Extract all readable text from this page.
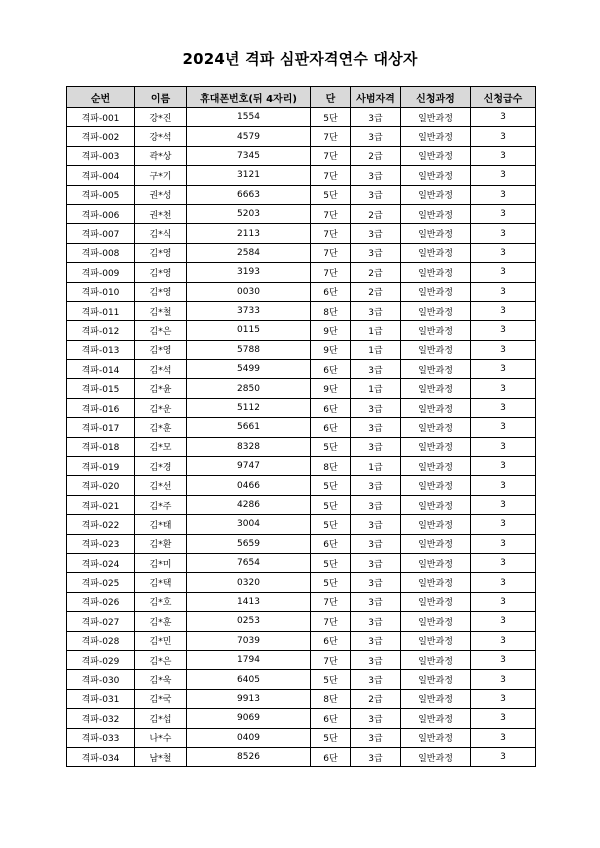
2024년 격파 심판자격연수 대상자
순번	이름	휴대폰번호(뒤 4자리)	단	사범자격	신청과정	신청급수
격파-001	강*진	1554	5단	3급	일반과정	3
격파-002	강*석	4579	7단	3급	일반과정	3
격파-003	곽*상	7345	7단	2급	일반과정	3
격파-004	구*기	3121	7단	3급	일반과정	3
격파-005	권*성	6663	5단	3급	일반과정	3
격파-006	권*천	5203	7단	2급	일반과정	3
격파-007	김*식	2113	7단	3급	일반과정	3
격파-008	김*영	2584	7단	3급	일반과정	3
격파-009	김*영	3193	7단	2급	일반과정	3
격파-010	김*영	0030	6단	2급	일반과정	3
격파-011	김*철	3733	8단	3급	일반과정	3
격파-012	김*은	0115	9단	1급	일반과정	3
격파-013	김*영	5788	9단	1급	일반과정	3
격파-014	김*석	5499	6단	3급	일반과정	3
격파-015	김*윤	2850	9단	1급	일반과정	3
격파-016	김*운	5112	6단	3급	일반과정	3
격파-017	김*훈	5661	6단	3급	일반과정	3
격파-018	김*모	8328	5단	3급	일반과정	3
격파-019	김*경	9747	8단	1급	일반과정	3
격파-020	김*선	0466	5단	3급	일반과정	3
격파-021	김*주	4286	5단	3급	일반과정	3
격파-022	김*태	3004	5단	3급	일반과정	3
격파-023	김*환	5659	6단	3급	일반과정	3
격파-024	김*미	7654	5단	3급	일반과정	3
격파-025	김*택	0320	5단	3급	일반과정	3
격파-026	김*호	1413	7단	3급	일반과정	3
격파-027	김*훈	0253	7단	3급	일반과정	3
격파-028	김*민	7039	6단	3급	일반과정	3
격파-029	김*은	1794	7단	3급	일반과정	3
격파-030	김*욱	6405	5단	3급	일반과정	3
격파-031	김*국	9913	8단	2급	일반과정	3
격파-032	김*섭	9069	6단	3급	일반과정	3
격파-033	나*수	0409	5단	3급	일반과정	3
격파-034	남*철	8526	6단	3급	일반과정	3
